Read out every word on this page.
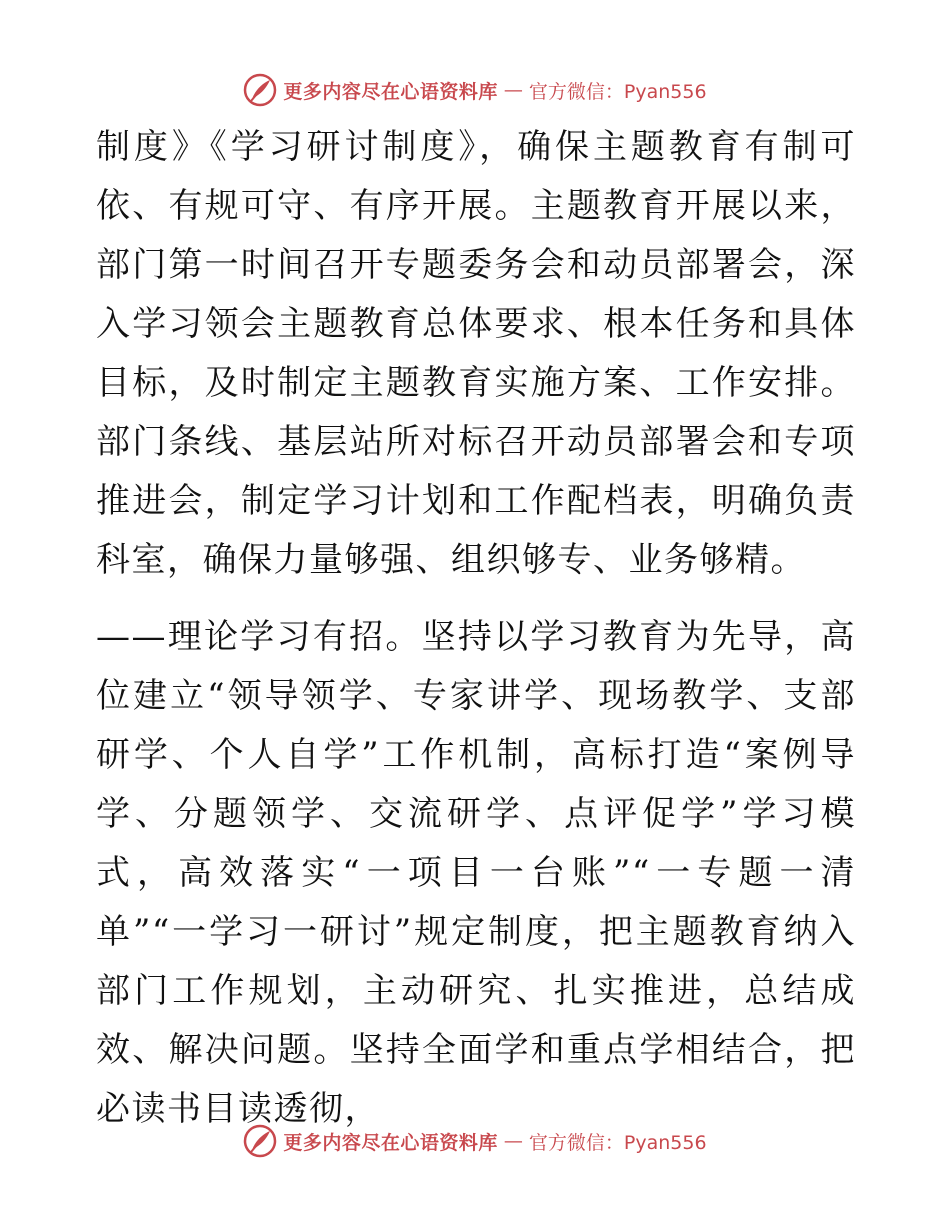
更多内容尽在心语资料库 — 官方微信：Pyan556

制度》《学习研讨制度》，确保主题教育有制可依、有规可守、有序开展。主题教育开展以来，部门第一时间召开专题委务会和动员部署会，深入学习领会主题教育总体要求、根本任务和具体目标，及时制定主题教育实施方案、工作安排。部门条线、基层站所对标召开动员部署会和专项推进会，制定学习计划和工作配档表，明确负责科室，确保力量够强、组织够专、业务够精。

——理论学习有招。坚持以学习教育为先导，高位建立“领导领学、专家讲学、现场教学、支部研学、个人自学”工作机制，高标打造“案例导学、分题领学、交流研学、点评促学”学习模式，高效落实“一项目一台账”“一专题一清单”“一学习一研讨”规定制度，把主题教育纳入部门工作规划，主动研究、扎实推进，总结成效、解决问题。坚持全面学和重点学相结合，把必读书目读透彻，

更多内容尽在心语资料库 — 官方微信：Pyan556
